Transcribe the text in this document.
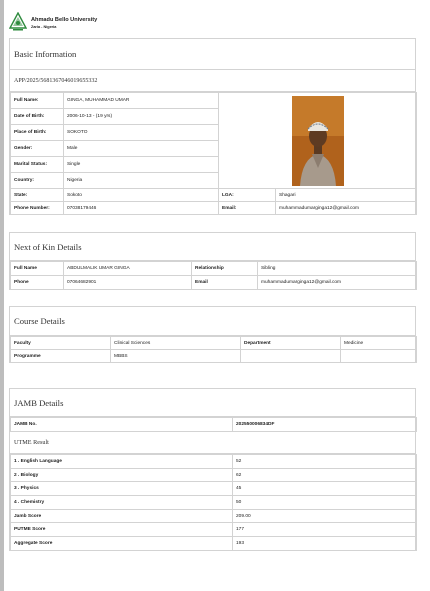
Ahmadu Bello University
Zaria - Nigeria
Basic Information
APP/2025/5681367046019655332
Full Name:	GINGA, MUHAMMAD UMAR	

Date of Birth:	2006-10-13 - (19 yrs)		
Place of Birth:	SOKOTO		
Gender:	Male		
Marital Status:	Single		
Country:	Nigeria		
State:	Sokoto	LGA:	Shagari
Phone Number:	07038179446	Email:	muhammadumarginga12@gmail.com
Next of Kin Details
Full Name	ABDULMALIK UMAR GINGA	Relationship	Sibling
Phone	07064682901	Email	muhammadumarginga12@gmail.com
Course Details
Faculty	Clinical Sciences	Department	Medicine
Programme	MBBS		
JAMB Details
JAMB No.	202550006834DF
UTME Result
1 . English Language	52
2 . Biology	62
3 . Physics	45
4 . Chemistry	50
Jamb Score	209.00
PUTME Score	177
Aggregate Score	193
